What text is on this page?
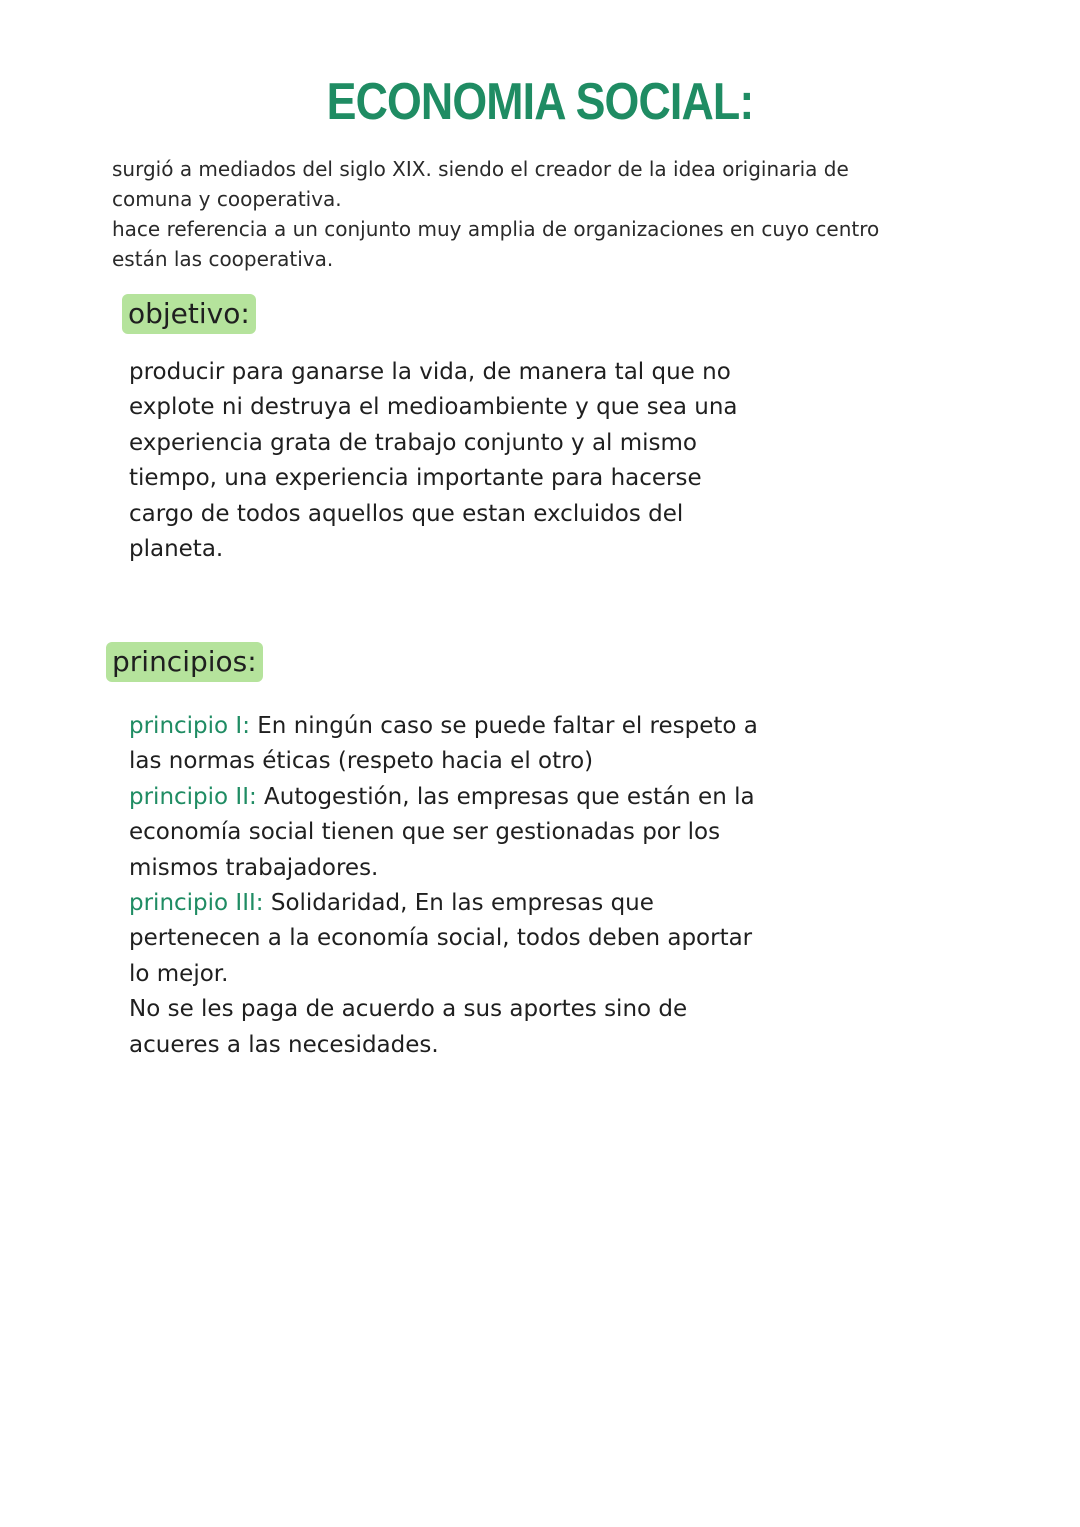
ECONOMIA SOCIAL:

surgió a mediados del siglo XIX. siendo el creador de la idea originaria de comuna y cooperativa.

hace referencia a un conjunto muy amplia de organizaciones en cuyo centro están las cooperativa.

objetivo:
producir para ganarse la vida, de manera tal que no
explote ni destruya el medioambiente y que sea una
experiencia grata de trabajo conjunto y al mismo
tiempo, una experiencia importante para hacerse
cargo de todos aquellos que estan excluidos del
planeta.
principios:
principio I: En ningún caso se puede faltar el respeto a
las normas éticas (respeto hacia el otro)
principio II: Autogestión, las empresas que están en la
economía social tienen que ser gestionadas por los
mismos trabajadores.
principio III: Solidaridad, En las empresas que
pertenecen a la economía social, todos deben aportar
lo mejor.
No se les paga de acuerdo a sus aportes sino de
acueres a las necesidades.
